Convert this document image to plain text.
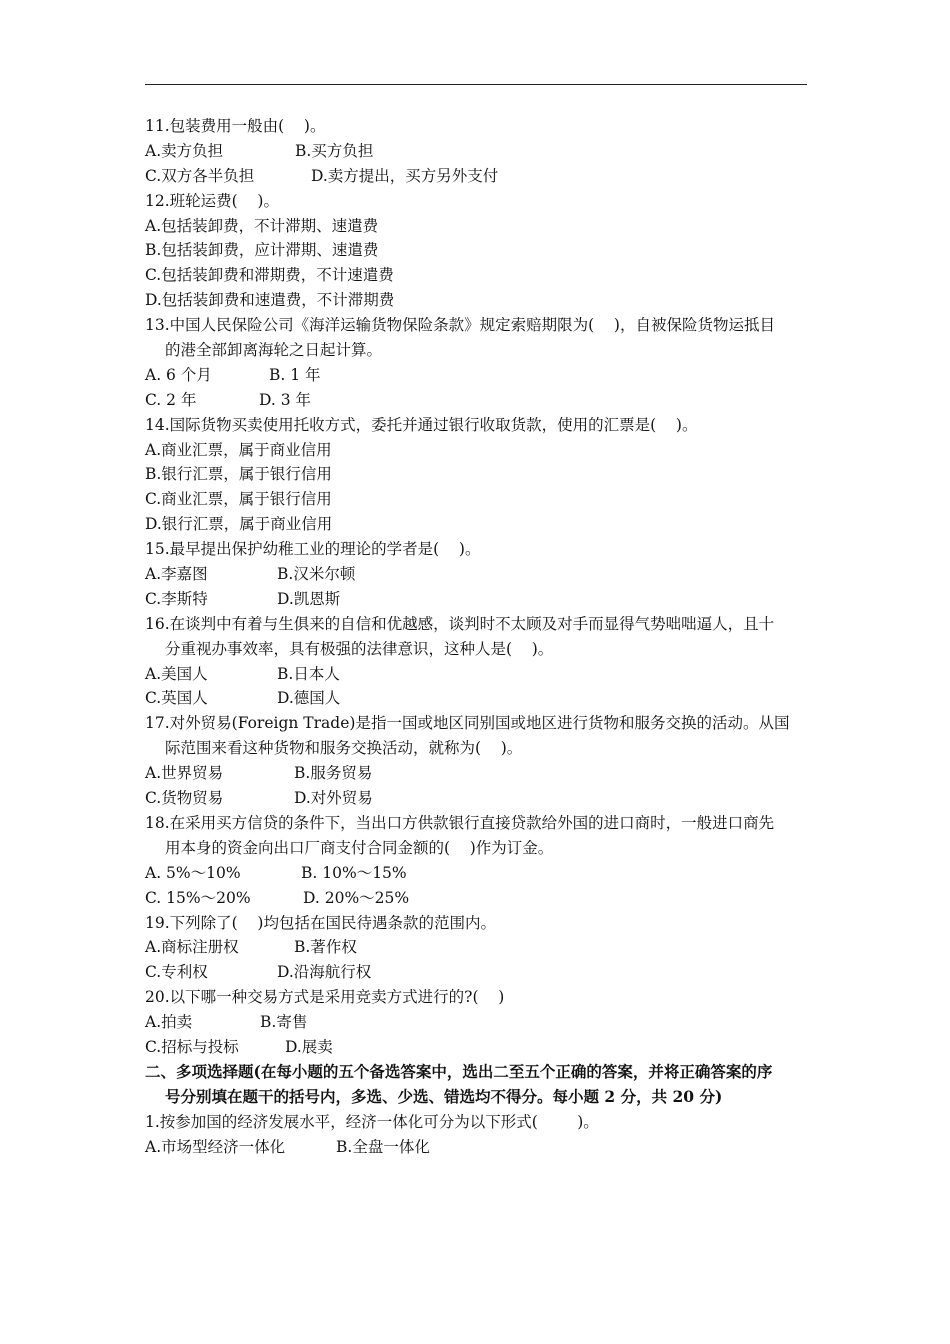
11.包装费用一般由(    )。
A.卖方负担	B.买方负担
C.双方各半负担	D.卖方提出，买方另外支付
12.班轮运费(    )。
A.包括装卸费，不计滞期、速遣费
B.包括装卸费，应计滞期、速遣费
C.包括装卸费和滞期费，不计速遣费
D.包括装卸费和速遣费，不计滞期费
13.中国人民保险公司《海洋运输货物保险条款》规定索赔期限为(    )，自被保险货物运抵目
的港全部卸离海轮之日起计算。
A. 6 个月	B. 1 年
C. 2 年	D. 3 年
14.国际货物买卖使用托收方式，委托并通过银行收取货款，使用的汇票是(    )。
A.商业汇票，属于商业信用
B.银行汇票，属于银行信用
C.商业汇票，属于银行信用
D.银行汇票，属于商业信用
15.最早提出保护幼稚工业的理论的学者是(    )。
A.李嘉图	B.汉米尔顿
C.李斯特	D.凯恩斯
16.在谈判中有着与生俱来的自信和优越感，谈判时不太顾及对手而显得气势咄咄逼人，且十
分重视办事效率，具有极强的法律意识，这种人是(    )。
A.美国人	B.日本人
C.英国人	D.德国人
17.对外贸易(Foreign Trade)是指一国或地区同别国或地区进行货物和服务交换的活动。从国
际范围来看这种货物和服务交换活动，就称为(    )。
A.世界贸易	B.服务贸易
C.货物贸易	D.对外贸易
18.在采用买方信贷的条件下，当出口方供款银行直接贷款给外国的进口商时，一般进口商先
用本身的资金向出口厂商支付合同金额的(    )作为订金。
A. 5%～10%	B. 10%～15%
C. 15%～20%	D. 20%～25%
19.下列除了(    )均包括在国民待遇条款的范围内。
A.商标注册权	B.著作权
C.专利权	D.沿海航行权
20.以下哪一种交易方式是采用竞卖方式进行的?(    )
A.拍卖	B.寄售
C.招标与投标	D.展卖
二、多项选择题(在每小题的五个备选答案中，选出二至五个正确的答案，并将正确答案的序
号分别填在题干的括号内，多选、少选、错选均不得分。每小题 2 分，共 20 分)
1.按参加国的经济发展水平，经济一体化可分为以下形式(        )。
A.市场型经济一体化	B.全盘一体化
